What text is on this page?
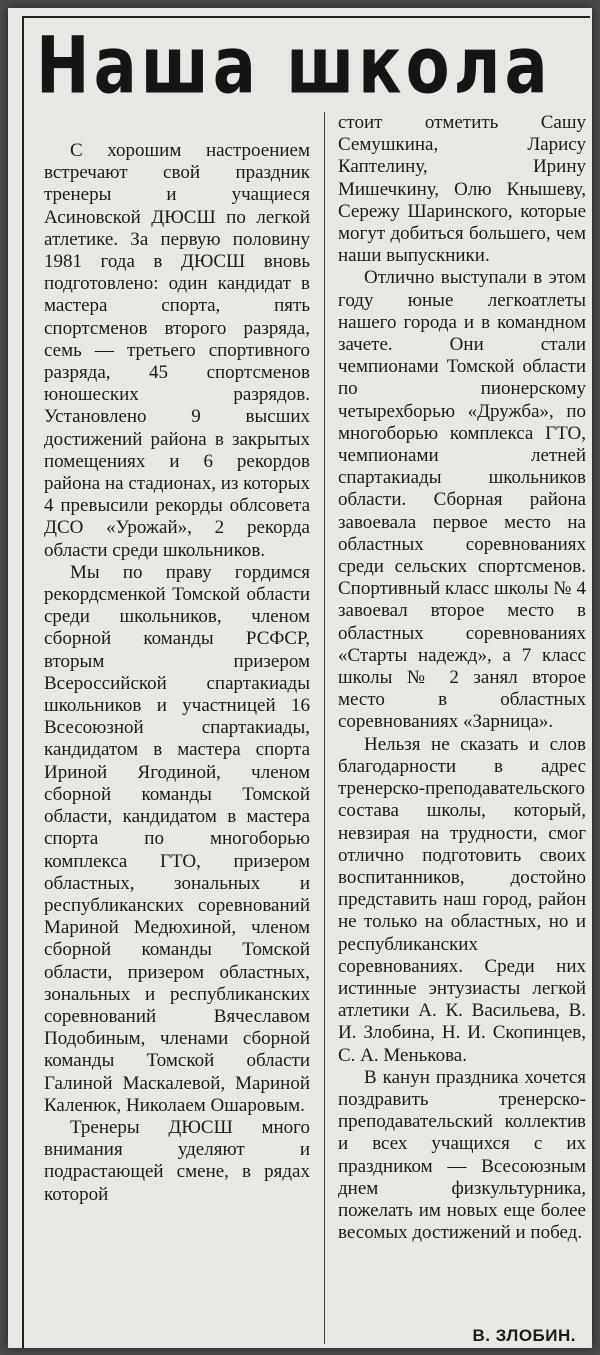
Наша школа

С хорошим настроением встречают свой праздник тренеры и учащиеся Асиновской ДЮСШ по легкой атлетике. За первую половину 1981 года в ДЮСШ вновь подготовлено: один кандидат в мастера спорта, пять спортсменов второго разряда, семь — третьего спортивного разряда, 45 спортсменов юношеских разрядов. Установлено 9 высших достижений района в закрытых помещениях и 6 рекордов района на стадионах, из которых 4 превысили рекорды облсовета ДСО «Урожай», 2 рекорда области среди школьников.

Мы по праву гордимся рекордсменкой Томской области среди школьников, членом сборной команды РСФСР, вторым призером Всероссийской спартакиады школьников и участницей 16 Всесоюзной спартакиады, кандидатом в мастера спорта Ириной Ягодиной, членом сборной команды Томской области, кандидатом в мастера спорта по многоборью комплекса ГТО, призером областных, зональных и республиканских соревнований Мариной Медюхиной, членом сборной команды Томской области, призером областных, зональных и республиканских соревнований Вячеславом Подобиным, членами сборной команды Томской области Галиной Маскалевой, Мариной Каленюк, Николаем Ошаровым.

Тренеры ДЮСШ много внимания уделяют и подрастающей смене, в рядах которой

стоит отметить Сашу Семушкина, Ларису Каптелину, Ирину Мишечкину, Олю Кнышеву, Сережу Шаринского, которые могут добиться большего, чем наши выпускники.

Отлично выступали в этом году юные легкоатлеты нашего города и в командном зачете. Они стали чемпионами Томской области по пионерскому четырехборью «Дружба», по многоборью комплекса ГТО, чемпионами летней спартакиады школьников области. Сборная района завоевала первое место на областных соревнованиях среди сельских спортсменов. Спортивный класс школы № 4 завоевал второе место в областных соревнованиях «Старты надежд», а 7 класс школы № 2 занял второе место в областных соревнованиях «Зарница».

Нельзя не сказать и слов благодарности в адрес тренерско-преподавательского состава школы, который, невзирая на трудности, смог отлично подготовить своих воспитанников, достойно представить наш город, район не только на областных, но и республиканских соревнованиях. Среди них истинные энтузиасты легкой атлетики А. К. Васильева, В. И. Злобина, Н. И. Скопинцев, С. А. Менькова.

В канун праздника хочется поздравить тренерско-преподавательский коллектив и всех учащихся с их праздником — Всесоюзным днем физкультурника, пожелать им новых еще более весомых достижений и побед.

В. ЗЛОБИН.
